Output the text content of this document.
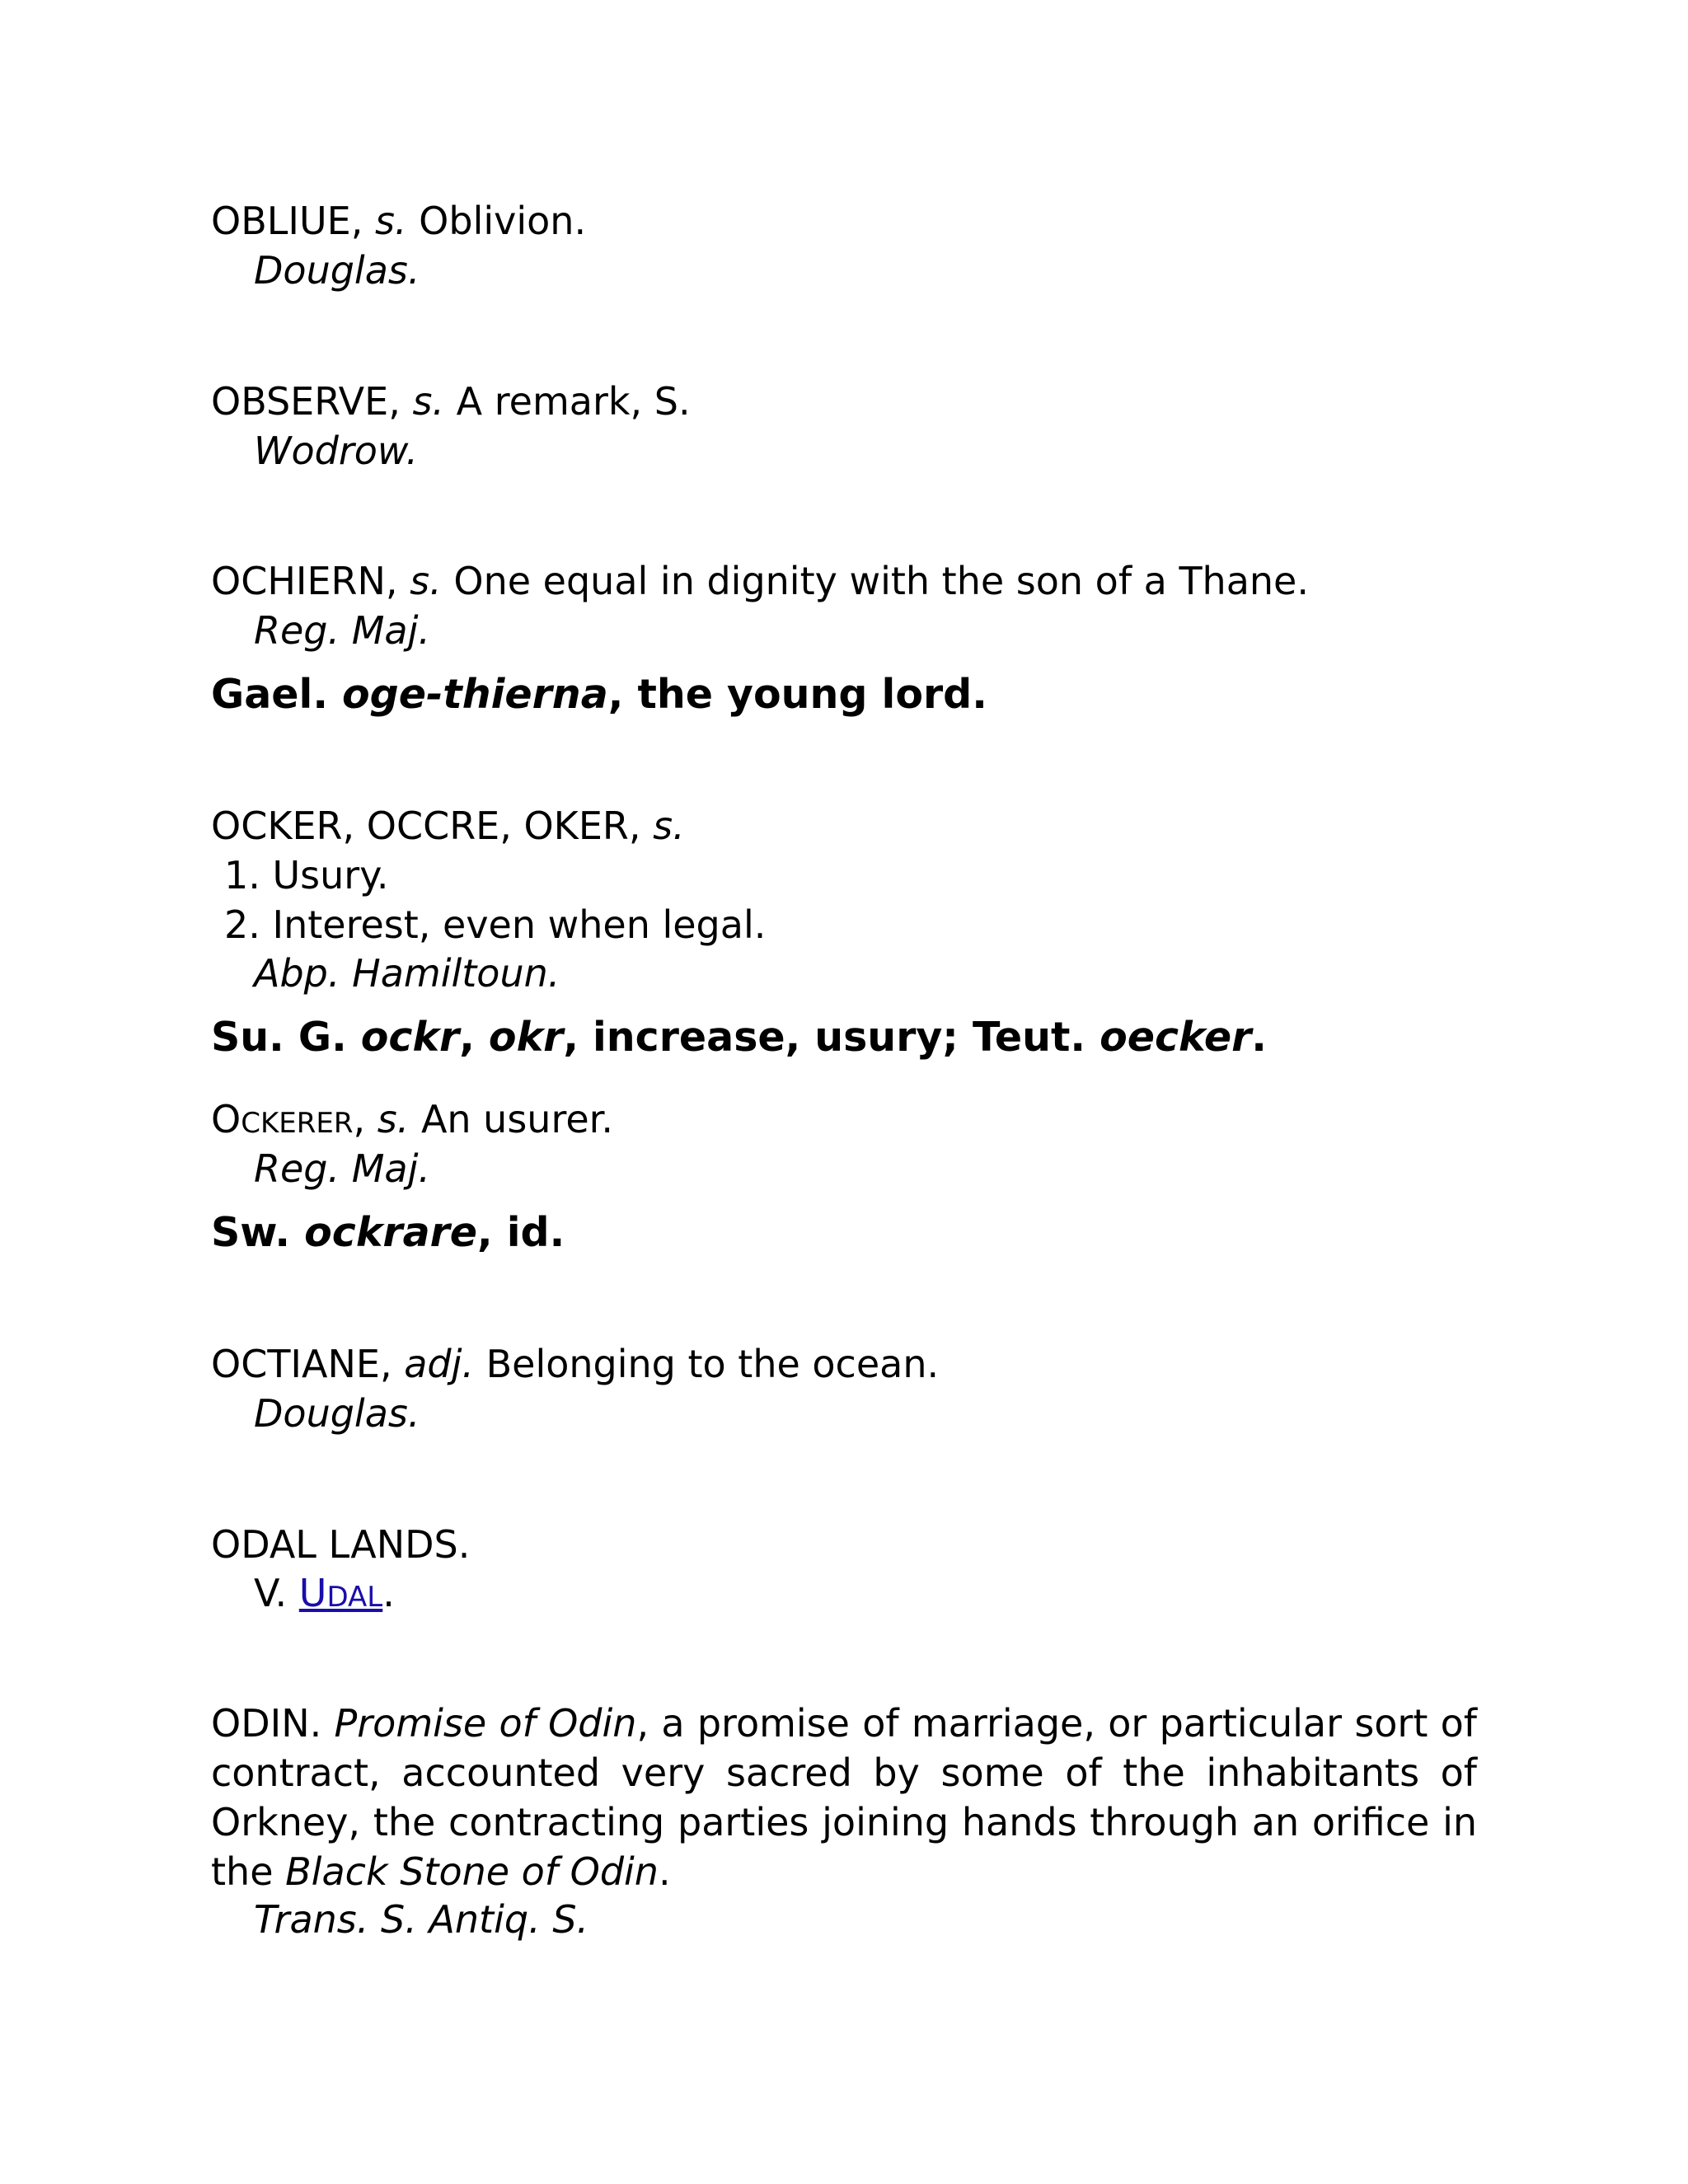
OBLIUE, s. Oblivion.
Douglas.
OBSERVE, s. A remark, S.
Wodrow.
OCHIERN, s. One equal in dignity with the son of a Thane.
Reg. Maj.
Gael. oge-thierna, the young lord.
OCKER, OCCRE, OKER, s.
1. Usury.
2. Interest, even when legal.
Abp. Hamiltoun.
Su. G. ockr, okr, increase, usury; Teut. oecker.
OCKERER, s. An usurer.
Reg. Maj.
Sw. ockrare, id.
OCTIANE, adj. Belonging to the ocean.
Douglas.
ODAL LANDS.
V. UDAL.
ODIN. Promise of Odin, a promise of marriage, or particular sort of contract, accounted very sacred by some of the inhabitants of Orkney, the contracting parties joining hands through an orifice in the Black Stone of Odin.
Trans. S. Antiq. S.
